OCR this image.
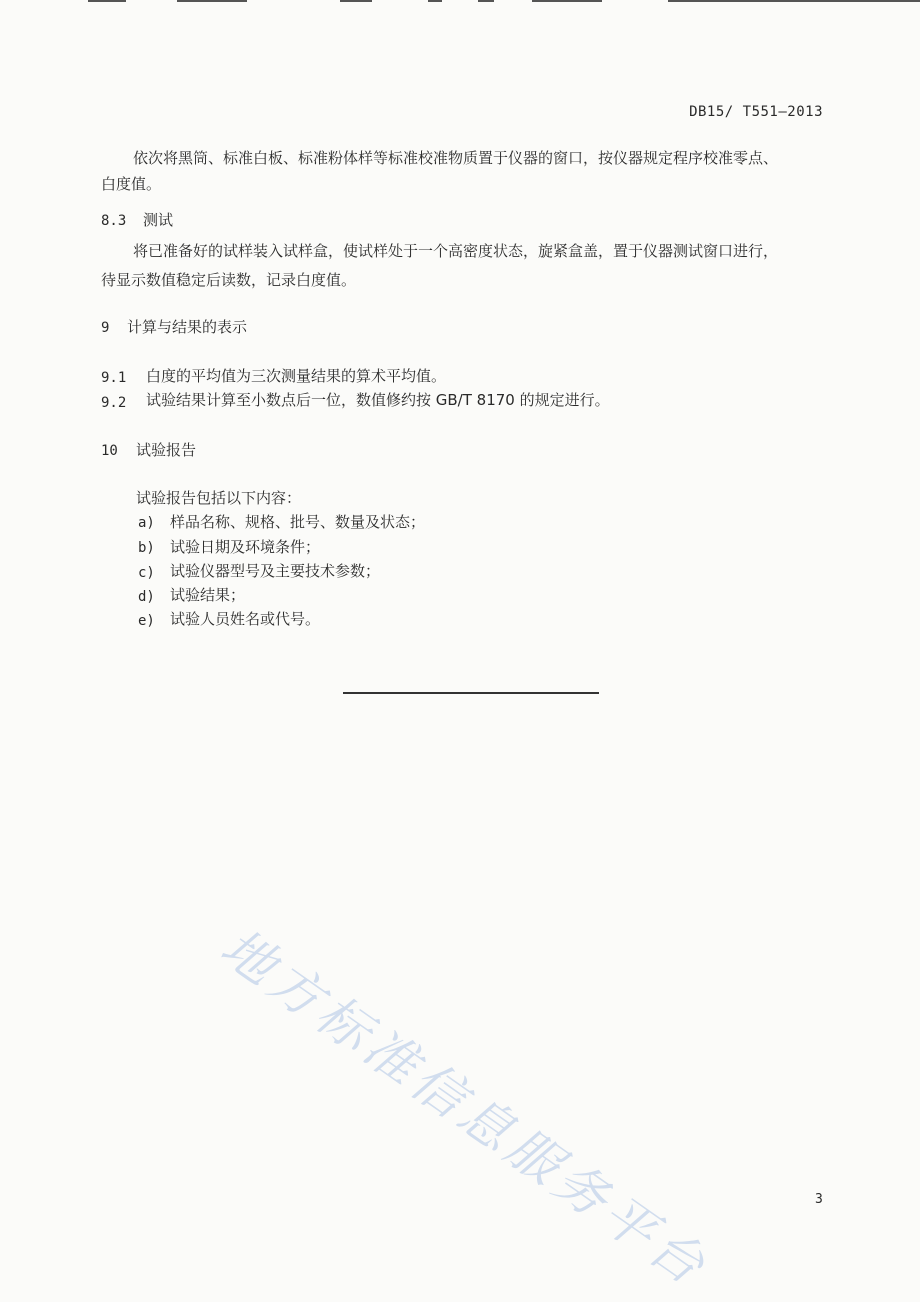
DB15/ T551—2013
依次将黑筒、标准白板、标准粉体样等标准校准物质置于仪器的窗口，按仪器规定程序校准零点、
白度值。
8.3 测试
将已准备好的试样装入试样盒，使试样处于一个高密度状态，旋紧盒盖，置于仪器测试窗口进行，
待显示数值稳定后读数，记录白度值。
9 计算与结果的表示
9.1 白度的平均值为三次测量结果的算术平均值。
9.2 试验结果计算至小数点后一位，数值修约按 GB/T 8170 的规定进行。
10 试验报告
试验报告包括以下内容：
a) 样品名称、规格、批号、数量及状态；
b) 试验日期及环境条件；
c) 试验仪器型号及主要技术参数；
d) 试验结果；
e) 试验人员姓名或代号。
地方标准信息服务平台	3
